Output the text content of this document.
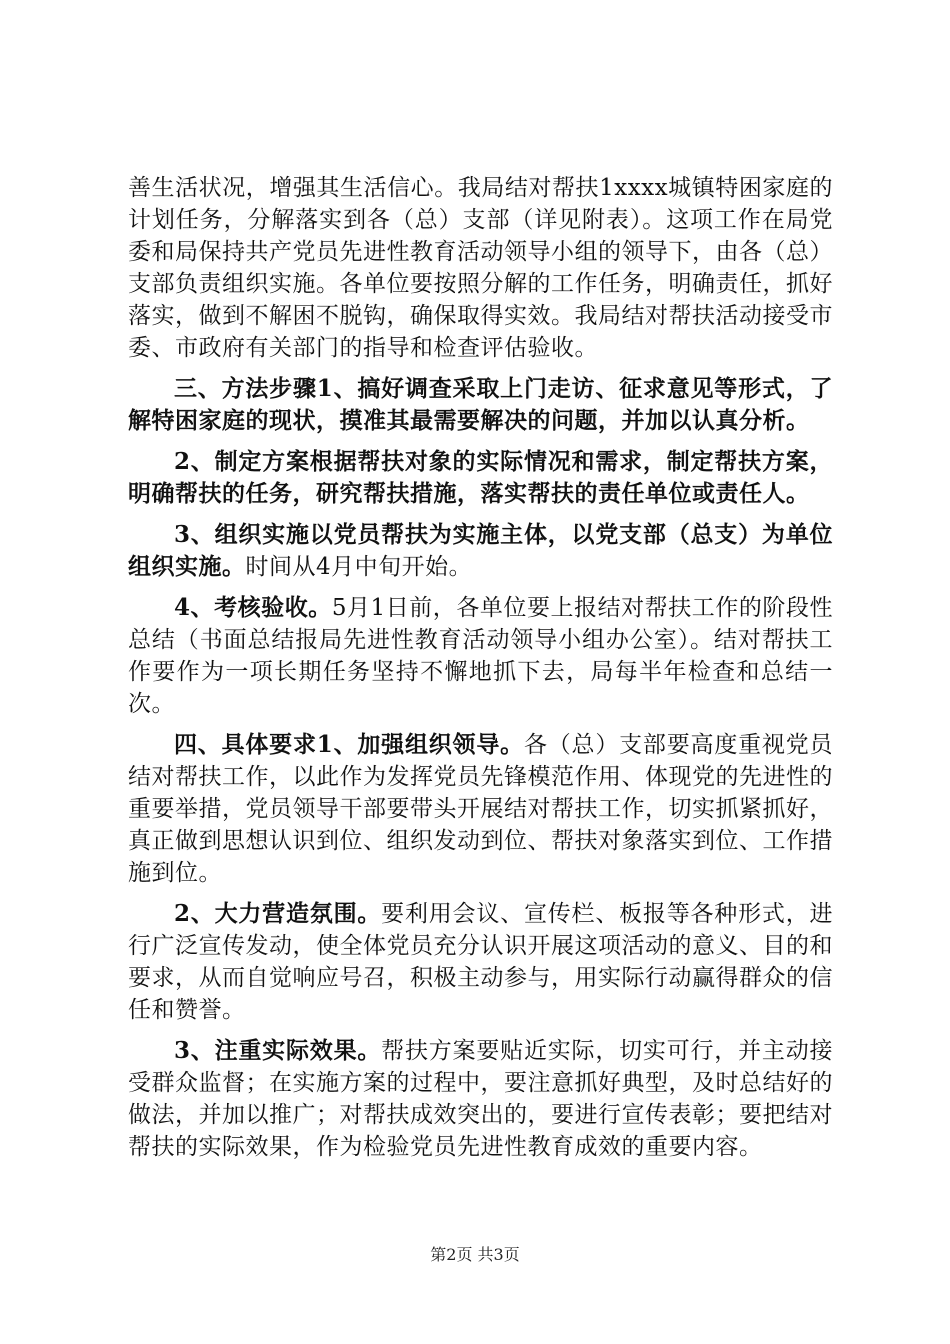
善生活状况，增强其生活信心。我局结对帮扶1xxxx城镇特困家庭的计划任务，分解落实到各（总）支部（详见附表）。这项工作在局党委和局保持共产党员先进性教育活动领导小组的领导下，由各（总）支部负责组织实施。各单位要按照分解的工作任务，明确责任，抓好落实，做到不解困不脱钩，确保取得实效。我局结对帮扶活动接受市委、市政府有关部门的指导和检查评估验收。

三、方法步骤1、搞好调查采取上门走访、征求意见等形式，了解特困家庭的现状，摸准其最需要解决的问题，并加以认真分析。

2、制定方案根据帮扶对象的实际情况和需求，制定帮扶方案，明确帮扶的任务，研究帮扶措施，落实帮扶的责任单位或责任人。

3、组织实施以党员帮扶为实施主体，以党支部（总支）为单位组织实施。时间从4月中旬开始。

4、考核验收。5月1日前，各单位要上报结对帮扶工作的阶段性总结（书面总结报局先进性教育活动领导小组办公室）。结对帮扶工作要作为一项长期任务坚持不懈地抓下去，局每半年检查和总结一次。

四、具体要求1、加强组织领导。各（总）支部要高度重视党员结对帮扶工作，以此作为发挥党员先锋模范作用、体现党的先进性的重要举措，党员领导干部要带头开展结对帮扶工作，切实抓紧抓好，真正做到思想认识到位、组织发动到位、帮扶对象落实到位、工作措施到位。

2、大力营造氛围。要利用会议、宣传栏、板报等各种形式，进行广泛宣传发动，使全体党员充分认识开展这项活动的意义、目的和要求，从而自觉响应号召，积极主动参与，用实际行动赢得群众的信任和赞誉。

3、注重实际效果。帮扶方案要贴近实际，切实可行，并主动接受群众监督；在实施方案的过程中，要注意抓好典型，及时总结好的做法，并加以推广；对帮扶成效突出的，要进行宣传表彰；要把结对帮扶的实际效果，作为检验党员先进性教育成效的重要内容。

第2页 共3页
